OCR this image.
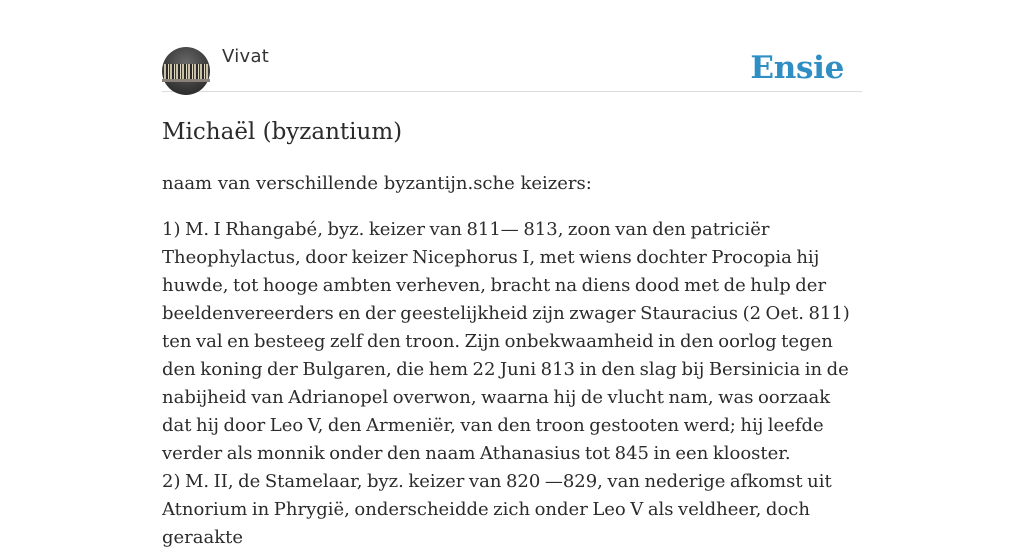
Vivat	Ensie
Michaël (byzantium)

naam van verschillende byzantijn.sche keizers:

1) M. I Rhangabé, byz. keizer van 811— 813, zoon van den patriciër Theophylactus, door keizer Nicephorus I, met wiens dochter Procopia hij huwde, tot hooge ambten verheven, bracht na diens dood met de hulp der beeldenvereerders en der geestelijkheid zijn zwager Stauracius (2 Oet. 811) ten val en besteeg zelf den troon. Zijn onbekwaamheid in den oorlog tegen den koning der Bulgaren, die hem 22 Juni 813 in den slag bij Bersinicia in de nabijheid van Adrianopel overwon, waarna hij de vlucht nam, was oorzaak dat hij door Leo V, den Armeniër, van den troon gestooten werd; hij leefde verder als monnik onder den naam Athanasius tot 845 in een klooster.
2) M. II, de Stamelaar, byz. keizer van 820 —829, van nederige afkomst uit Atnorium in Phrygië, onderscheidde zich onder Leo V als veldheer, doch geraakte
